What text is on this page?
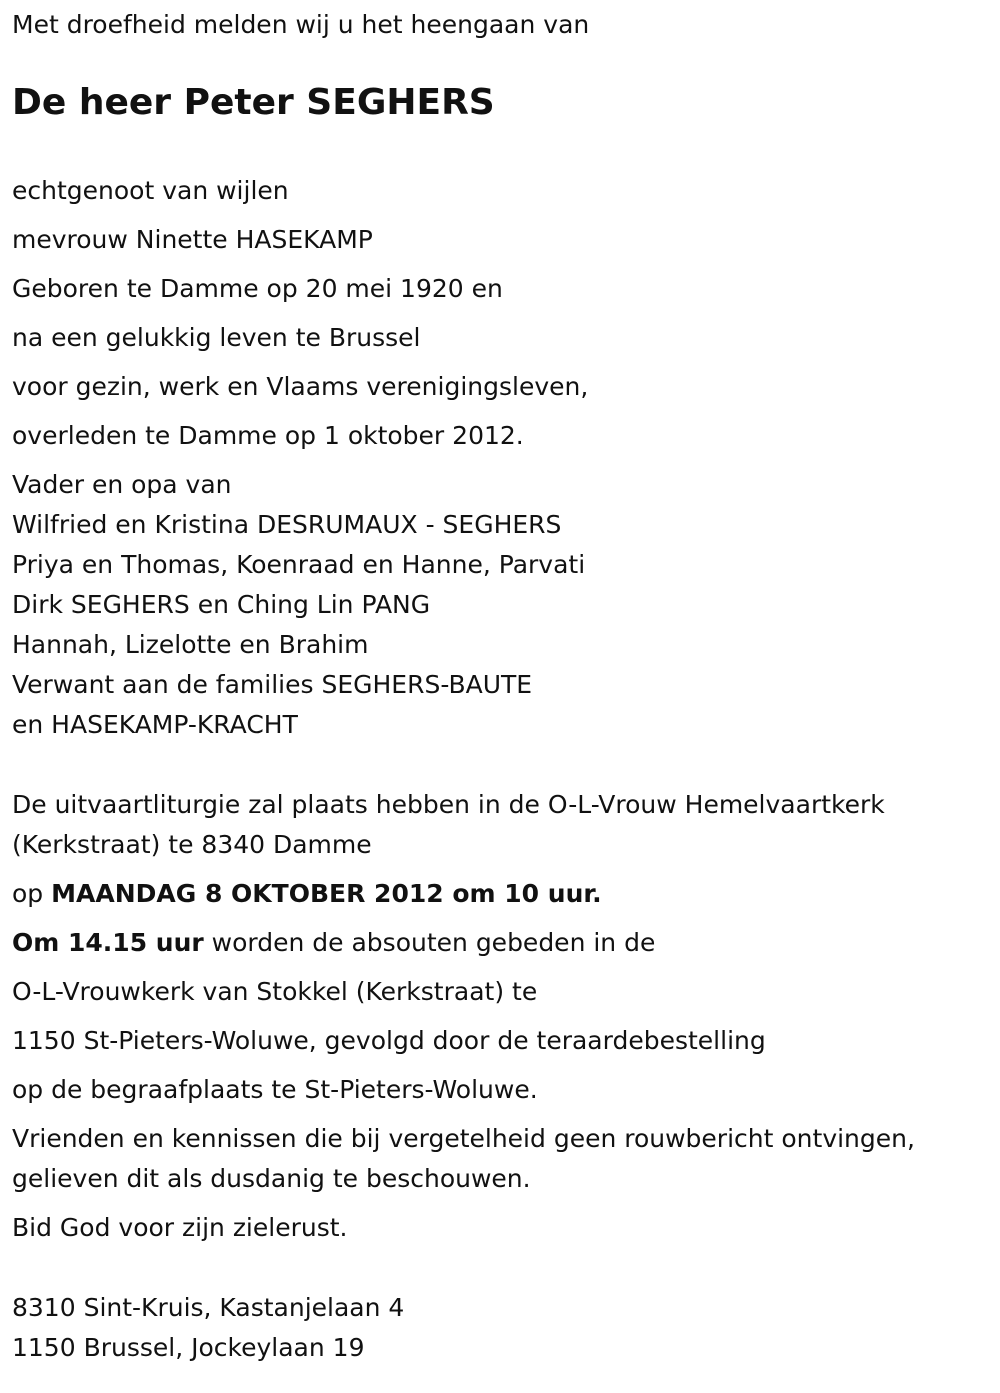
Met droefheid melden wij u het heengaan van

De heer Peter SEGHERS

echtgenoot van wijlen

mevrouw Ninette HASEKAMP

Geboren te Damme op 20 mei 1920 en

na een gelukkig leven te Brussel

voor gezin, werk en Vlaams verenigingsleven,

overleden te Damme op 1 oktober 2012.

Vader en opa van

Wilfried en Kristina DESRUMAUX - SEGHERS

Priya en Thomas, Koenraad en Hanne, Parvati

Dirk SEGHERS en Ching Lin PANG

Hannah, Lizelotte en Brahim

Verwant aan de families SEGHERS-BAUTE

en HASEKAMP-KRACHT

De uitvaartliturgie zal plaats hebben in de O-L-Vrouw Hemelvaartkerk

(Kerkstraat) te 8340 Damme

op MAANDAG 8 OKTOBER 2012 om 10 uur.

Om 14.15 uur worden de absouten gebeden in de

O-L-Vrouwkerk van Stokkel (Kerkstraat) te

1150 St-Pieters-Woluwe, gevolgd door de teraardebestelling

op de begraafplaats te St-Pieters-Woluwe.

Vrienden en kennissen die bij vergetelheid geen rouwbericht ontvingen,

gelieven dit als dusdanig te beschouwen.

Bid God voor zijn zielerust.

8310 Sint-Kruis, Kastanjelaan 4

1150 Brussel, Jockeylaan 19
